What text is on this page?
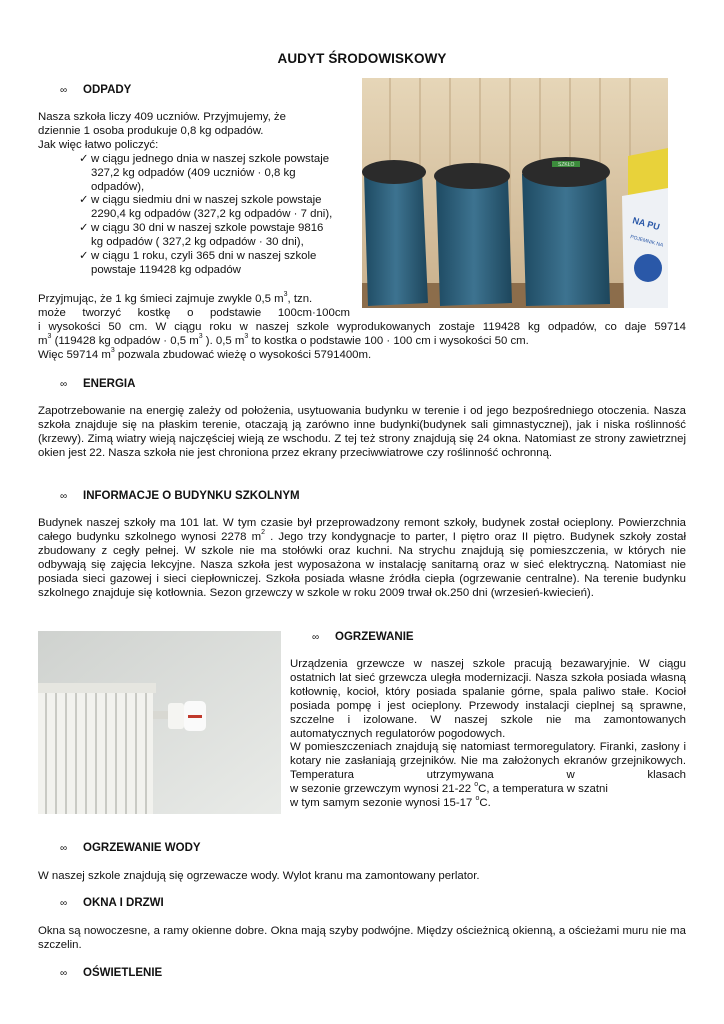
AUDYT ŚRODOWISKOWY
∞ ODPADY

Nasza szkoła liczy 409 uczniów. Przyjmujemy, że

dziennie 1 osoba produkuje 0,8 kg odpadów.

Jak więc łatwo policzyć:

✓ w ciągu jednego dnia w naszej szkole powstaje
327,2 kg odpadów (409 uczniów · 0,8 kg
odpadów),
✓ w ciągu siedmiu dni w naszej szkole powstaje
2290,4 kg odpadów (327,2 kg odpadów · 7 dni),
✓ w ciągu 30 dni w naszej szkole powstaje 9816
kg odpadów ( 327,2 kg odpadów · 30 dni),
✓ w ciągu 1 roku, czyli 365 dni w naszej szkole
powstaje 119428 kg odpadów
NA PU
POJEMNIK NA
SZKŁO

Przyjmując, że 1 kg śmieci zajmuje zwykle 0,5 $m^3$, tzn.

może tworzyć kostkę o podstawie 100cm·100cm

i wysokości 50 cm. W ciągu roku w naszej szkole wyprodukowanych zostaje 119428 kg odpadów, co daje 59714

$m^3$ (119428 kg odpadów · 0,5 $m^3$ ). 0,5 $m^3$ to kostka o podstawie 100 · 100 cm i wysokości 50 cm.

Więc 59714 $m^3$ pozwala zbudować wieżę o wysokości 5791400m.

∞ ENERGIA
Zapotrzebowanie na energię zależy od położenia, usytuowania budynku w terenie i od jego bezpośredniego otoczenia. Nasza szkoła znajduje się na płaskim terenie, otaczają ją zarówno inne budynki(budynek sali gimnastycznej), jak i niska roślinność (krzewy). Zimą wiatry wieją najczęściej wieją ze wschodu. Z tej też strony znajdują się 24 okna. Natomiast ze strony zawietrznej okien jest 22. Nasza szkoła nie jest chroniona przez ekrany przeciwwiatrowe czy roślinność ochronną.
∞ INFORMACJE O BUDYNKU SZKOLNYM
Budynek naszej szkoły ma 101 lat. W tym czasie był przeprowadzony remont szkoły, budynek został ocieplony. Powierzchnia całego budynku szkolnego wynosi 2278 $m^2$ . Jego trzy kondygnacje to parter, I piętro oraz II piętro. Budynek szkoły został zbudowany z cegły pełnej. W szkole nie ma stołówki oraz kuchni. Na strychu znajdują się pomieszczenia, w których nie odbywają się zajęcia lekcyjne. Nasza szkoła jest wyposażona w instalację sanitarną oraz w sieć elektryczną. Natomiast nie posiada sieci gazowej i sieci ciepłowniczej. Szkoła posiada własne źródła ciepła (ogrzewanie centralne). Na terenie budynku szkolnego znajduje się kotłownia. Sezon grzewczy w szkole w roku 2009 trwał ok.250 dni (wrzesień-kwiecień).
∞ OGRZEWANIE

Urządzenia grzewcze w naszej szkole pracują bezawaryjnie. W ciągu ostatnich lat sieć grzewcza uległa modernizacji. Nasza szkoła posiada własną kotłownię, kocioł, który posiada spalanie górne, spala paliwo stałe. Kocioł posiada pompę i jest ocieplony. Przewody instalacji cieplnej są sprawne, szczelne i izolowane. W naszej szkole nie ma zamontowanych automatycznych regulatorów pogodowych.

W pomieszczeniach znajdują się natomiast termoregulatory. Firanki, zasłony i kotary nie zasłaniają grzejników. Nie ma założonych ekranów grzejnikowych. Temperatura utrzymywana w klasach

w sezonie grzewczym wynosi 21-22 $^o$C, a temperatura w szatni

w tym samym sezonie wynosi 15-17 $^o$C.

∞ OGRZEWANIE WODY
W naszej szkole znajdują się ogrzewacze wody. Wylot kranu ma zamontowany perlator.
∞ OKNA I DRZWI
Okna są nowoczesne, a ramy okienne dobre. Okna mają szyby podwójne. Między ościeżnicą okienną, a ościeżami muru nie ma szczelin.
∞ OŚWIETLENIE
